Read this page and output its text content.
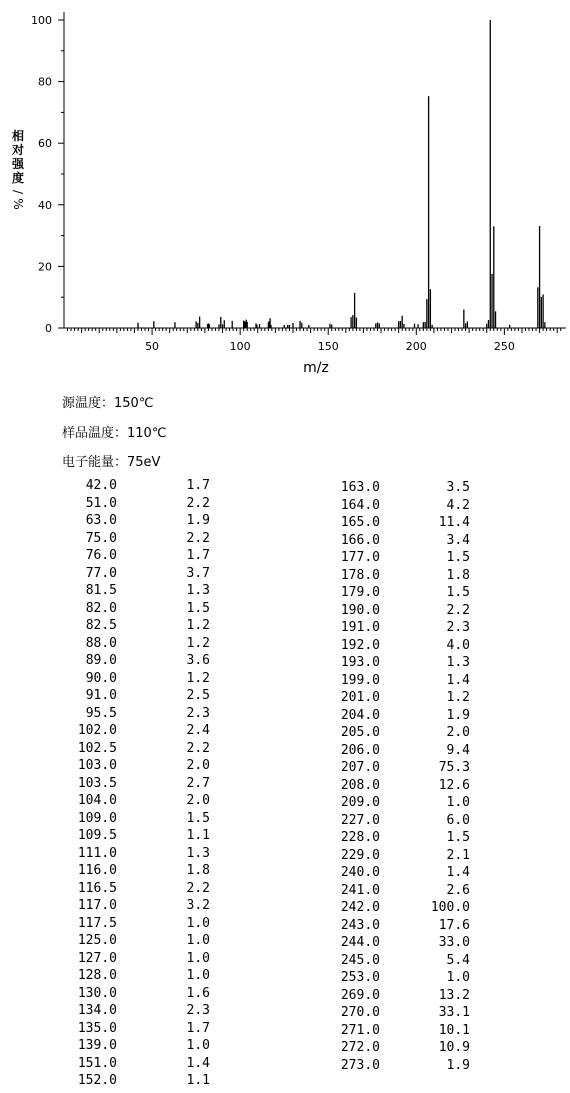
0
20
40
60
80
100
50	100	150	200	250
m/z
相
对
强
度
/
%
源温度：150℃
样品温度：110℃
电子能量：75eV
42.0	1.7
51.0	2.2
63.0	1.9
75.0	2.2
76.0	1.7
77.0	3.7
81.5	1.3
82.0	1.5
82.5	1.2
88.0	1.2
89.0	3.6
90.0	1.2
91.0	2.5
95.5	2.3
102.0	2.4
102.5	2.2
103.0	2.0
103.5	2.7
104.0	2.0
109.0	1.5
109.5	1.1
111.0	1.3
116.0	1.8
116.5	2.2
117.0	3.2
117.5	1.0
125.0	1.0
127.0	1.0
128.0	1.0
130.0	1.6
134.0	2.3
135.0	1.7
139.0	1.0
151.0	1.4
152.0	1.1
163.0	3.5
164.0	4.2
165.0	11.4
166.0	3.4
177.0	1.5
178.0	1.8
179.0	1.5
190.0	2.2
191.0	2.3
192.0	4.0
193.0	1.3
199.0	1.4
201.0	1.2
204.0	1.9
205.0	2.0
206.0	9.4
207.0	75.3
208.0	12.6
209.0	1.0
227.0	6.0
228.0	1.5
229.0	2.1
240.0	1.4
241.0	2.6
242.0	100.0
243.0	17.6
244.0	33.0
245.0	5.4
253.0	1.0
269.0	13.2
270.0	33.1
271.0	10.1
272.0	10.9
273.0	1.9
